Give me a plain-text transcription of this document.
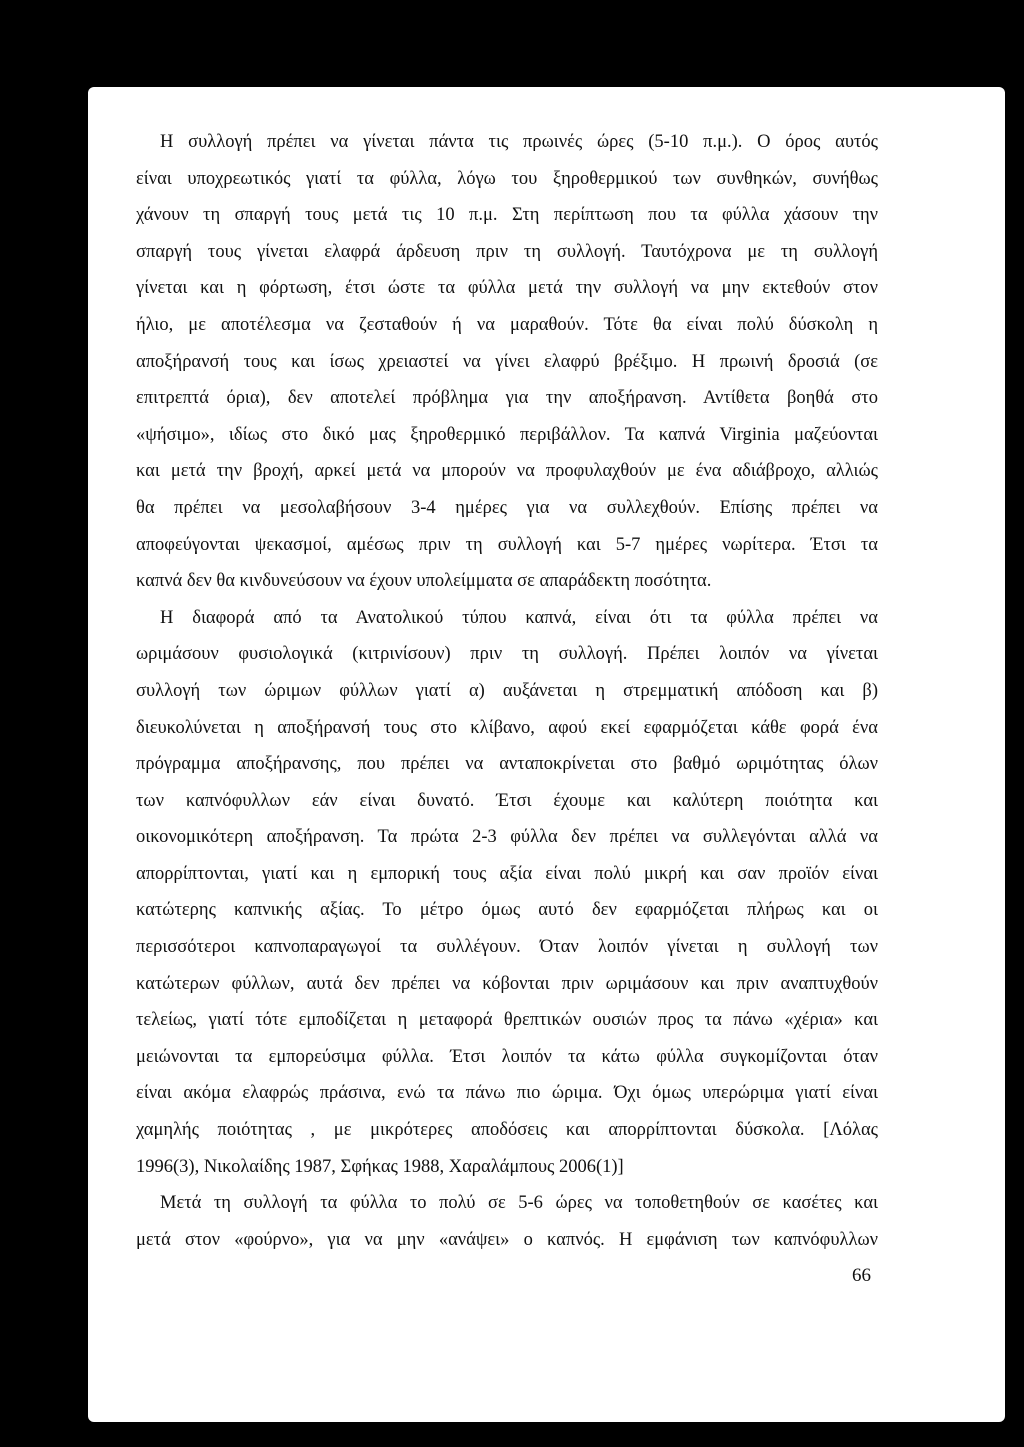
Η συλλογή πρέπει να γίνεται πάντα τις πρωινές ώρες (5-10 π.μ.). Ο όρος αυτός

είναι υποχρεωτικός γιατί τα φύλλα, λόγω του ξηροθερμικού των συνθηκών, συνήθως

χάνουν τη σπαργή τους μετά τις 10 π.μ. Στη περίπτωση που τα φύλλα χάσουν την

σπαργή τους γίνεται ελαφρά άρδευση πριν τη συλλογή. Ταυτόχρονα με τη συλλογή

γίνεται και η φόρτωση, έτσι ώστε τα φύλλα μετά την συλλογή να μην εκτεθούν στον

ήλιο, με αποτέλεσμα να ζεσταθούν ή να μαραθούν. Τότε θα είναι πολύ δύσκολη η

αποξήρανσή τους και ίσως χρειαστεί να γίνει ελαφρύ βρέξιμο. Η πρωινή δροσιά (σε

επιτρεπτά όρια), δεν αποτελεί πρόβλημα για την αποξήρανση. Αντίθετα βοηθά στο

«ψήσιμο», ιδίως στο δικό μας ξηροθερμικό περιβάλλον. Τα καπνά Virginia μαζεύονται

και μετά την βροχή, αρκεί μετά να μπορούν να προφυλαχθούν με ένα αδιάβροχο, αλλιώς

θα πρέπει να μεσολαβήσουν 3-4 ημέρες για να συλλεχθούν. Επίσης πρέπει να

αποφεύγονται ψεκασμοί, αμέσως πριν τη συλλογή και 5-7 ημέρες νωρίτερα. Έτσι τα

καπνά δεν θα κινδυνεύσουν να έχουν υπολείμματα σε απαράδεκτη ποσότητα.

Η διαφορά από τα Ανατολικού τύπου καπνά, είναι ότι τα φύλλα πρέπει να

ωριμάσουν φυσιολογικά (κιτρινίσουν) πριν τη συλλογή. Πρέπει λοιπόν να γίνεται

συλλογή των ώριμων φύλλων γιατί α) αυξάνεται η στρεμματική απόδοση και β)

διευκολύνεται η αποξήρανσή τους στο κλίβανο, αφού εκεί εφαρμόζεται κάθε φορά ένα

πρόγραμμα αποξήρανσης, που πρέπει να ανταποκρίνεται στο βαθμό ωριμότητας όλων

των καπνόφυλλων εάν είναι δυνατό. Έτσι έχουμε και καλύτερη ποιότητα και

οικονομικότερη αποξήρανση. Τα πρώτα 2-3 φύλλα δεν πρέπει να συλλεγόνται αλλά να

απορρίπτονται, γιατί και η εμπορική τους αξία είναι πολύ μικρή και σαν προϊόν είναι

κατώτερης καπνικής αξίας. Το μέτρο όμως αυτό δεν εφαρμόζεται πλήρως και οι

περισσότεροι καπνοπαραγωγοί τα συλλέγουν. Όταν λοιπόν γίνεται η συλλογή των

κατώτερων φύλλων, αυτά δεν πρέπει να κόβονται πριν ωριμάσουν και πριν αναπτυχθούν

τελείως, γιατί τότε εμποδίζεται η μεταφορά θρεπτικών ουσιών προς τα πάνω «χέρια» και

μειώνονται τα εμπορεύσιμα φύλλα. Έτσι λοιπόν τα κάτω φύλλα συγκομίζονται όταν

είναι ακόμα ελαφρώς πράσινα, ενώ τα πάνω πιο ώριμα. Όχι όμως υπερώριμα γιατί είναι

χαμηλής ποιότητας , με μικρότερες αποδόσεις και απορρίπτονται δύσκολα. [Λόλας

1996(3), Νικολαίδης 1987, Σφήκας 1988, Χαραλάμπους 2006(1)]

Μετά τη συλλογή τα φύλλα το πολύ σε 5-6 ώρες να τοποθετηθούν σε κασέτες και

μετά στον «φούρνο», για να μην «ανάψει» ο καπνός. Η εμφάνιση των καπνόφυλλων

66
